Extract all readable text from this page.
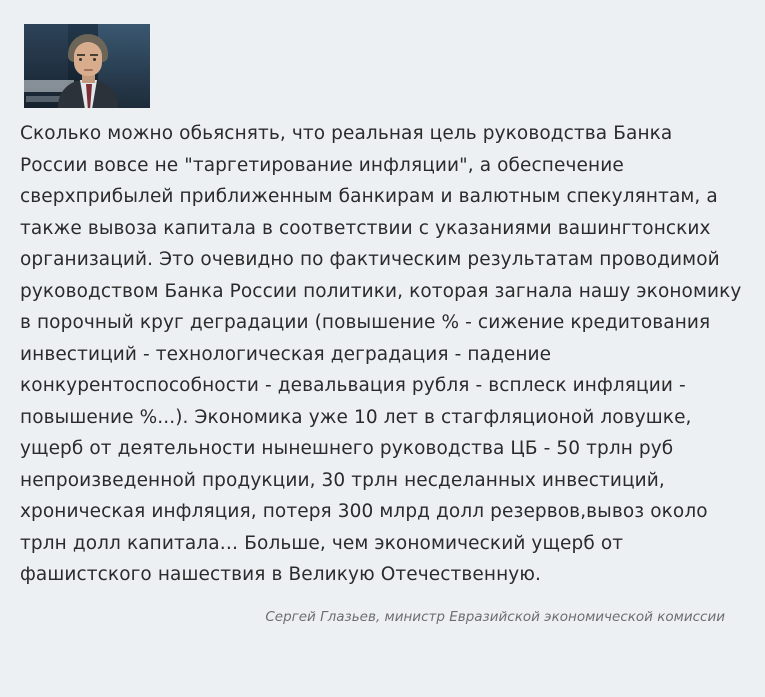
Сколько можно обьяснять, что реальная цель руководства Банка России вовсе не "таргетирование инфляции", а обеспечение сверхприбылей приближенным банкирам и валютным спекулянтам, а также вывоза капитала в соответствии с указаниями вашингтонских организаций. Это очевидно по фактическим результатам проводимой руководством Банка России политики, которая загнала нашу экономику в порочный круг деградации (повышение % - сижение кредитования инвестиций - технологическая деградация - падение конкурентоспособности - девальвация рубля - всплеск инфляции - повышение %...). Экономика уже 10 лет в стагфляционой ловушке, ущерб от деятельности нынешнего руководства ЦБ - 50 трлн руб непроизведенной продукции, 30 трлн несделанных инвестиций, хроническая инфляция, потеря 300 млрд долл резервов,вывоз около трлн долл капитала… Больше, чем экономический ущерб от фашистского нашествия в Великую Отечественную.

Сергей Глазьев, министр Евразийской экономической комиссии
